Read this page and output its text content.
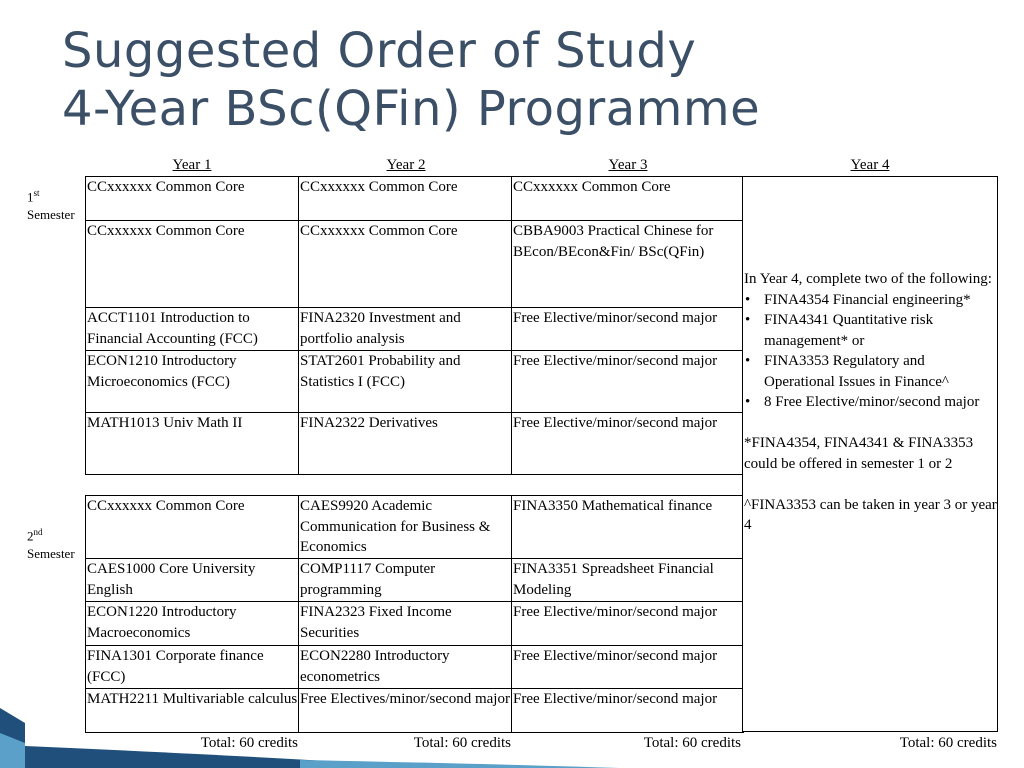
Suggested Order of Study
4-Year BSc(QFin) Programme
Year 1	Year 2	Year 3	Year 4
1st
Semester
2nd
Semester
CCxxxxxx Common Core	CCxxxxxx Common Core	CCxxxxxx Common Core
CCxxxxxx Common Core	CCxxxxxx Common Core	CBBA9003 Practical Chinese for BEcon/BEcon&Fin/ BSc(QFin)
ACCT1101 Introduction to Financial Accounting (FCC)	FINA2320 Investment and portfolio analysis	Free Elective/minor/second major
ECON1210 Introductory Microeconomics (FCC)	STAT2601 Probability and Statistics I (FCC)	Free Elective/minor/second major
MATH1013 Univ Math II	FINA2322 Derivatives	Free Elective/minor/second major
CCxxxxxx Common Core	CAES9920 Academic Communication for Business & Economics	FINA3350 Mathematical finance
CAES1000 Core University English	COMP1117 Computer programming	FINA3351 Spreadsheet Financial Modeling
ECON1220 Introductory Macroeconomics	FINA2323 Fixed Income Securities	Free Elective/minor/second major
FINA1301 Corporate finance (FCC)	ECON2280 Introductory econometrics	Free Elective/minor/second major
MATH2211 Multivariable calculus	Free Electives/minor/second major	Free Elective/minor/second major

In Year 4, complete two of the following:

• FINA4354 Financial engineering*
• FINA4341 Quantitative risk management* or
• FINA3353 Regulatory and Operational Issues in Finance^
• 8 Free Elective/minor/second major

*FINA4354, FINA4341 & FINA3353 could be offered in semester 1 or 2

^FINA3353 can be taken in year 3 or year 4

Total: 60 credits	Total: 60 credits	Total: 60 credits	Total: 60 credits
